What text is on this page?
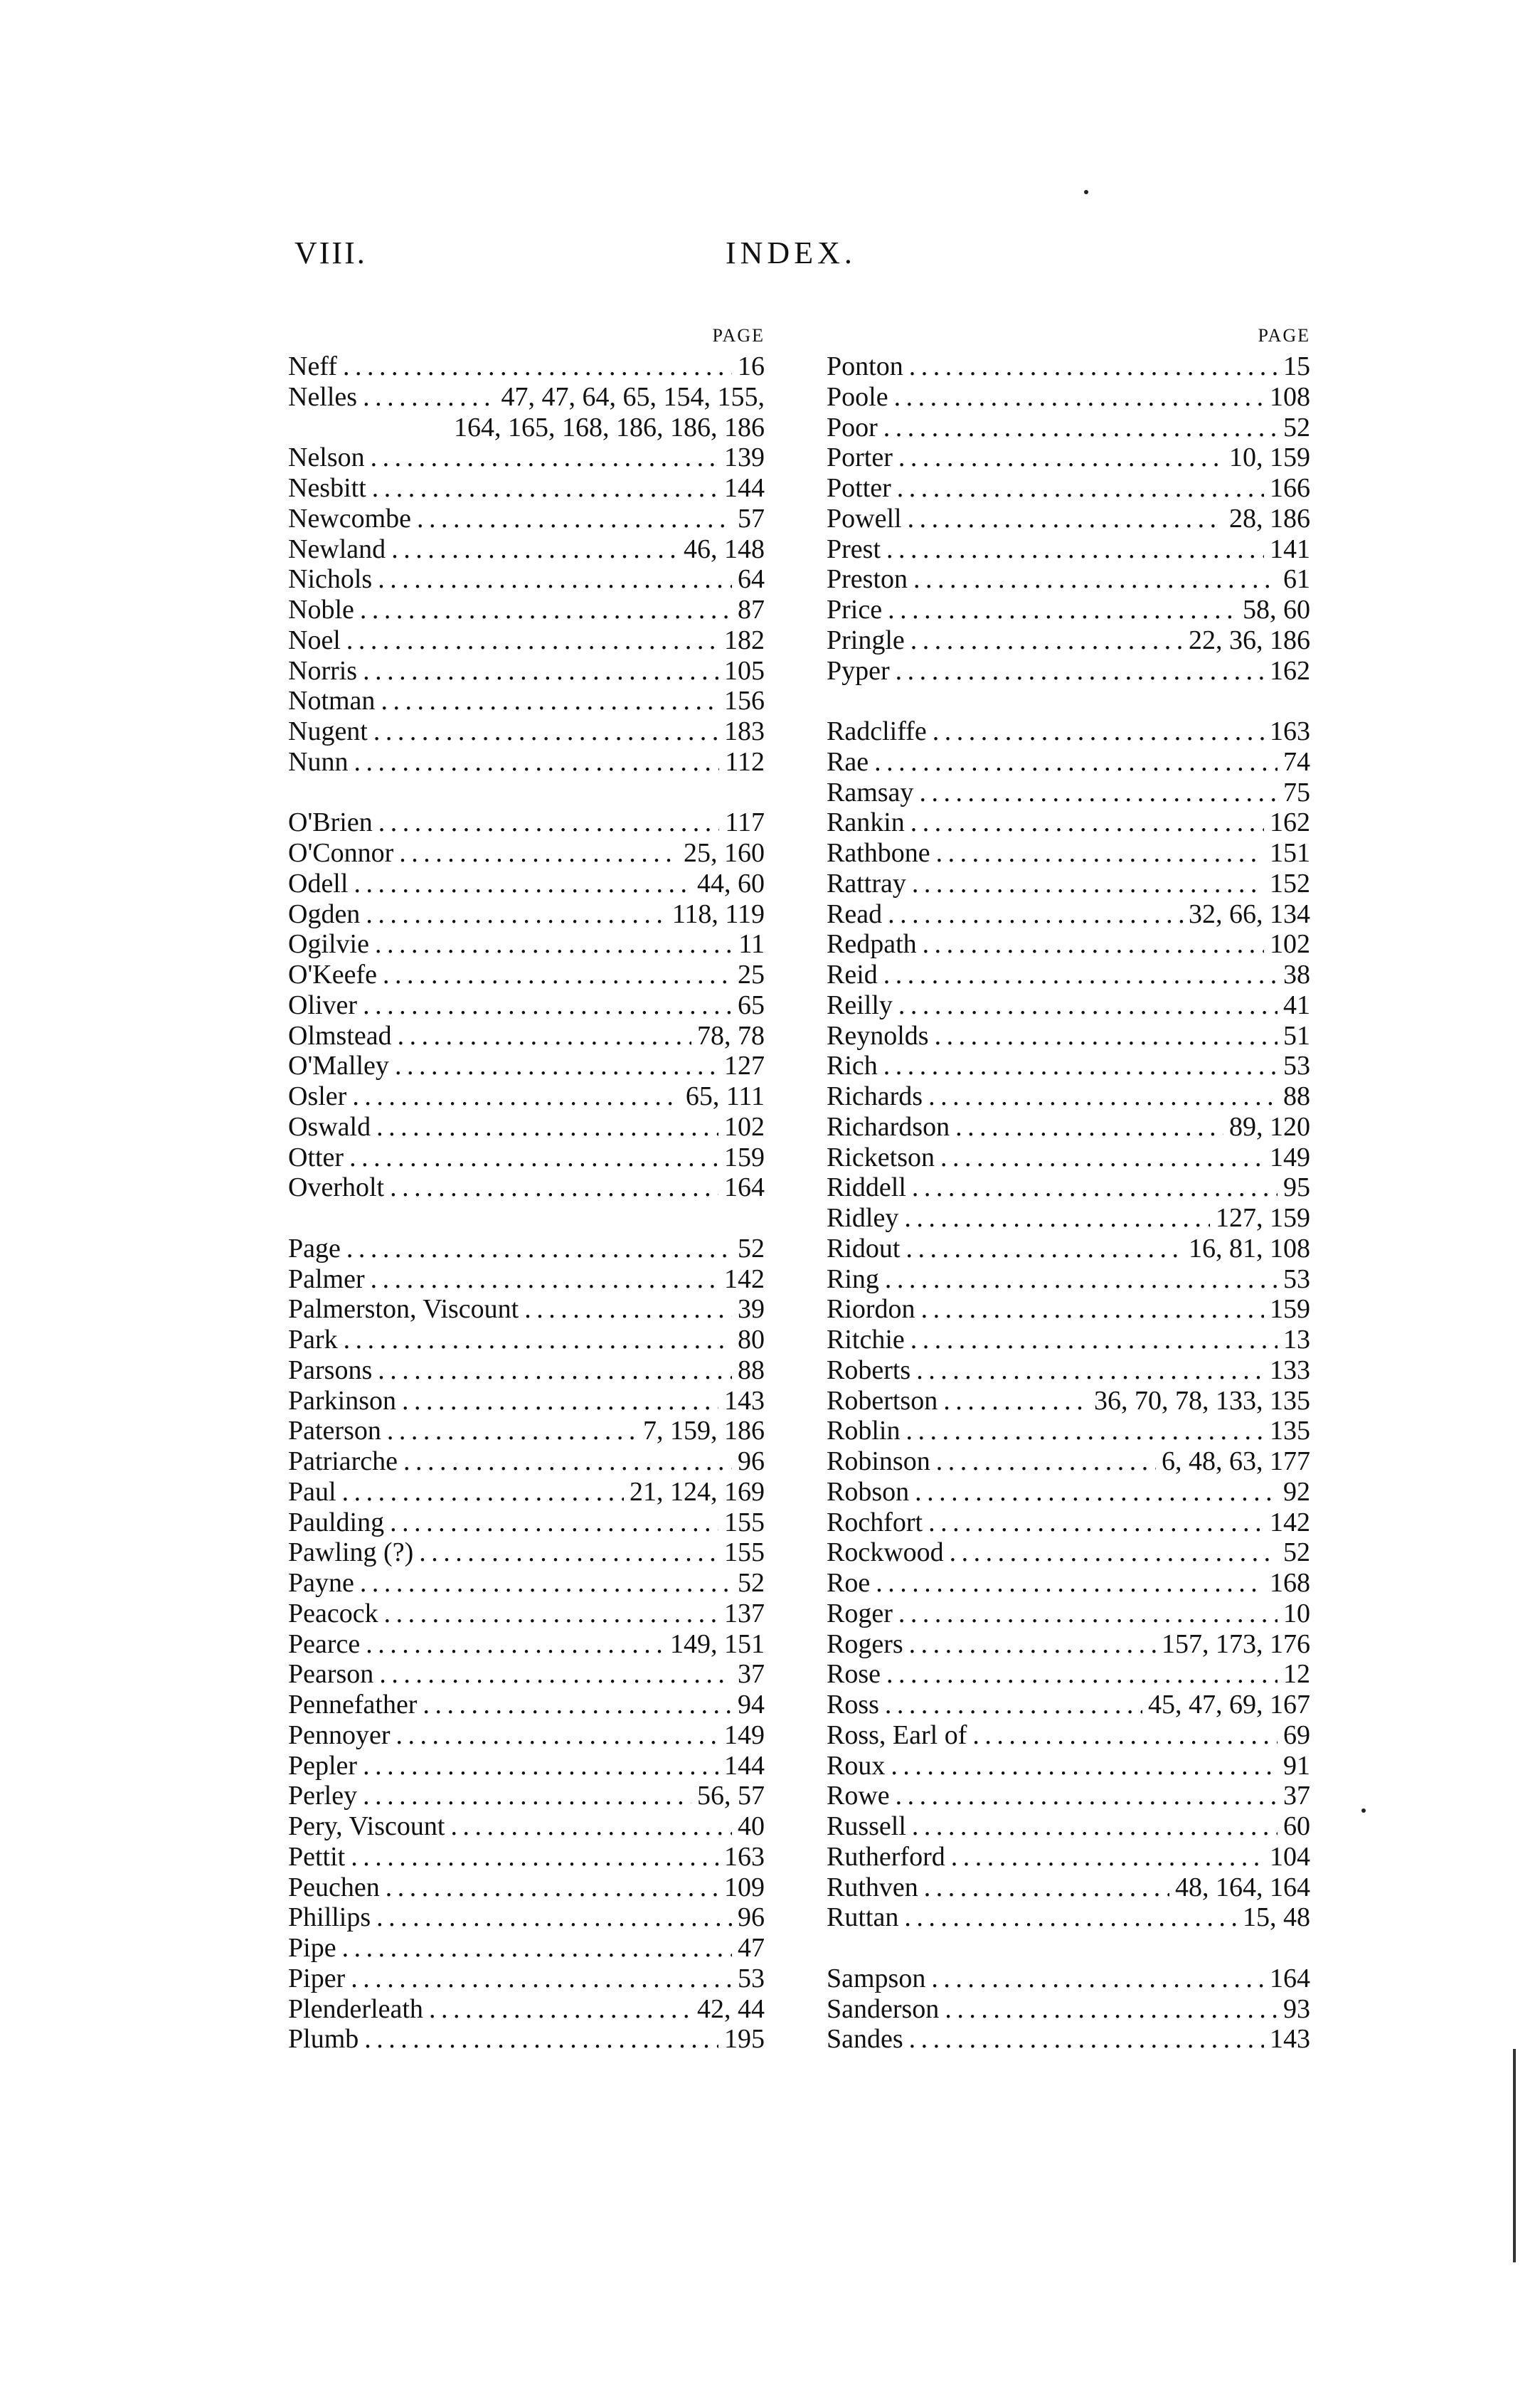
VIII.	INDEX.
PAGE
Neff . . .	16
Nelles . . .	47, 47, 64, 65, 154, 155,
164, 165, 168, 186, 186, 186
Nelson . . .	139
Nesbitt . . .	144
Newcombe . . .	57
Newland . . .	46, 148
Nichols . . .	64
Noble . . .	87
Noel . . .	182
Norris . . .	105
Notman . . .	156
Nugent . . .	183
Nunn . . .	112
O'Brien . . .	117
O'Connor . . .	25, 160
Odell . . .	44, 60
Ogden . . .	118, 119
Ogilvie . . .	11
O'Keefe . . .	25
Oliver . . .	65
Olmstead . . .	78, 78
O'Malley . . .	127
Osler . . .	65, 111
Oswald . . .	102
Otter . . .	159
Overholt . . .	164
Page . . .	52
Palmer . . .	142
Palmerston, Viscount . . .	39
Park . . .	80
Parsons . . .	88
Parkinson . . .	143
Paterson . . .	7, 159, 186
Patriarche . . .	96
Paul . . .	21, 124, 169
Paulding . . .	155
Pawling (?) . . .	155
Payne . . .	52
Peacock . . .	137
Pearce . . .	149, 151
Pearson . . .	37
Pennefather . . .	94
Pennoyer . . .	149
Pepler . . .	144
Perley . . .	56, 57
Pery, Viscount . . .	40
Pettit . . .	163
Peuchen . . .	109
Phillips . . .	96
Pipe . . .	47
Piper . . .	53
Plenderleath . . .	42, 44
Plumb . . .	195
PAGE
Ponton . . .	15
Poole . . .	108
Poor . . .	52
Porter . . .	10, 159
Potter . . .	166
Powell . . .	28, 186
Prest . . .	141
Preston . . .	61
Price . . .	58, 60
Pringle . . .	22, 36, 186
Pyper . . .	162
Radcliffe . . .	163
Rae . . .	74
Ramsay . . .	75
Rankin . . .	162
Rathbone . . .	151
Rattray . . .	152
Read . . .	32, 66, 134
Redpath . . .	102
Reid . . .	38
Reilly . . .	41
Reynolds . . .	51
Rich . . .	53
Richards . . .	88
Richardson . . .	89, 120
Ricketson . . .	149
Riddell . . .	95
Ridley . . .	127, 159
Ridout . . .	16, 81, 108
Ring . . .	53
Riordon . . .	159
Ritchie . . .	13
Roberts . . .	133
Robertson . . .	36, 70, 78, 133, 135
Roblin . . .	135
Robinson . . .	6, 48, 63, 177
Robson . . .	92
Rochfort . . .	142
Rockwood . . .	52
Roe . . .	168
Roger . . .	10
Rogers . . .	157, 173, 176
Rose . . .	12
Ross . . .	45, 47, 69, 167
Ross, Earl of . . .	69
Roux . . .	91
Rowe . . .	37
Russell . . .	60
Rutherford . . .	104
Ruthven . . .	48, 164, 164
Ruttan . . .	15, 48
Sampson . . .	164
Sanderson . . .	93
Sandes . . .	143
